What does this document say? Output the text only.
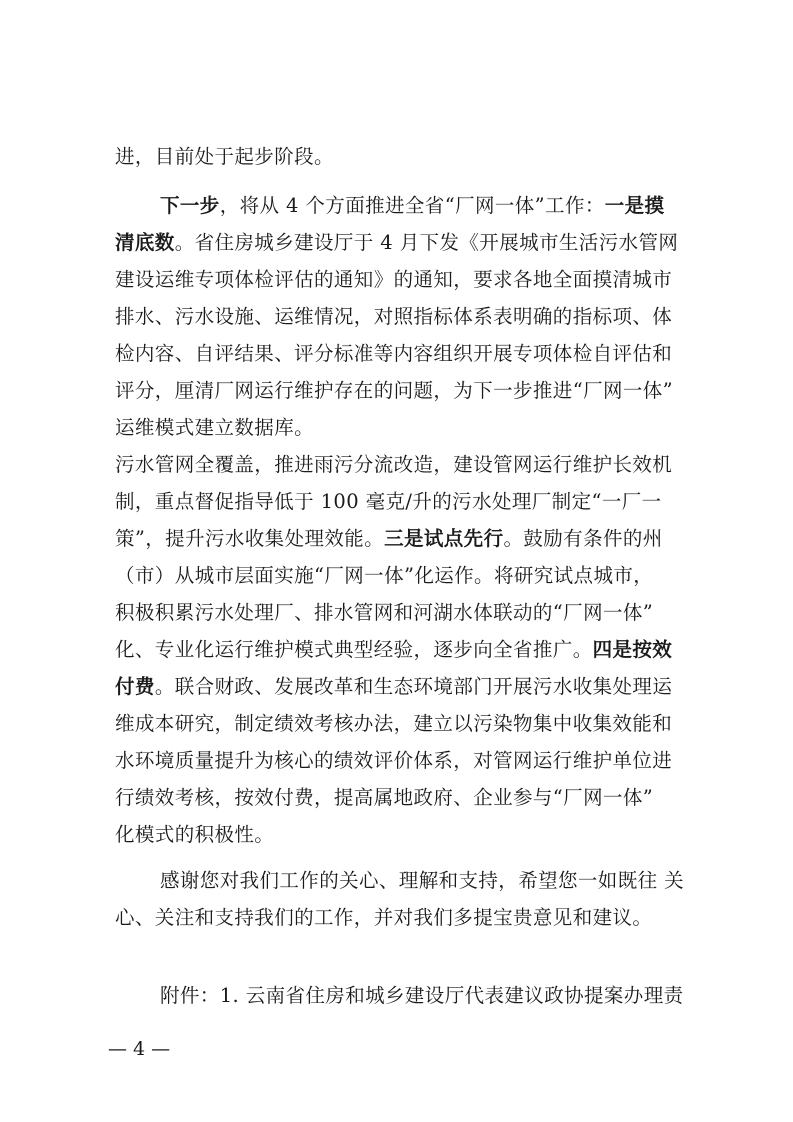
进，目前处于起步阶段。
下一步，将从 4 个方面推进全省“厂网一体”工作：一是摸
清底数。省住房城乡建设厅于 4 月下发《开展城市生活污水管网
建设运维专项体检评估的通知》的通知，要求各地全面摸清城市
排水、污水设施、运维情况，对照指标体系表明确的指标项、体
检内容、自评结果、评分标准等内容组织开展专项体检自评估和
评分，厘清厂网运行维护存在的问题，为下一步推进“厂网一体”
运维模式建立数据库。
污水管网全覆盖，推进雨污分流改造，建设管网运行维护长效机
制，重点督促指导低于 100 毫克/升的污水处理厂制定“一厂一
策”，提升污水收集处理效能。三是试点先行。鼓励有条件的州
（市）从城市层面实施“厂网一体”化运作。将研究试点城市，
积极积累污水处理厂、排水管网和河湖水体联动的“厂网一体”
化、专业化运行维护模式典型经验，逐步向全省推广。四是按效
付费。联合财政、发展改革和生态环境部门开展污水收集处理运
维成本研究，制定绩效考核办法，建立以污染物集中收集效能和
水环境质量提升为核心的绩效评价体系，对管网运行维护单位进
行绩效考核，按效付费，提高属地政府、企业参与“厂网一体”
化模式的积极性。
感谢您对我们工作的关心、理解和支持，希望您一如既往 关
心、关注和支持我们的工作，并对我们多提宝贵意见和建议。
附件：1. 云南省住房和城乡建设厅代表建议政协提案办理责
— 4 —
